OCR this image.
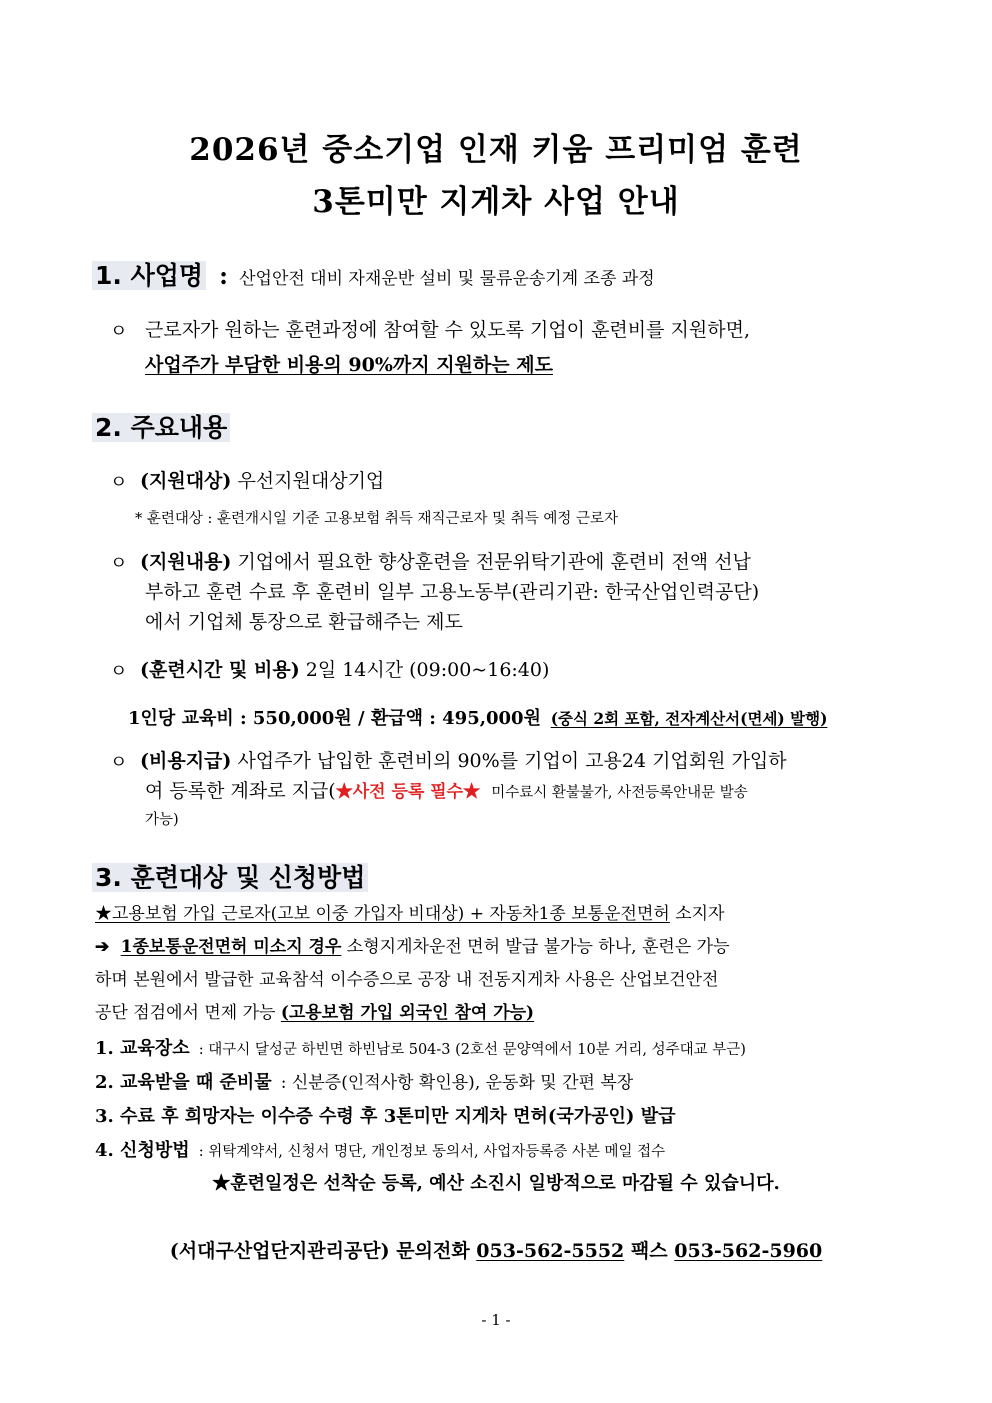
2026년 중소기업 인재 키움 프리미엄 훈련
3톤미만 지게차 사업 안내
1. 사업명 : 산업안전 대비 자재운반 설비 및 물류운송기계 조종 과정
ㅇ 근로자가 원하는 훈련과정에 참여할 수 있도록 기업이 훈련비를 지원하면,
사업주가 부담한 비용의 90%까지 지원하는 제도
2. 주요내용
ㅇ (지원대상) 우선지원대상기업
* 훈련대상 : 훈련개시일 기준 고용보험 취득 재직근로자 및 취득 예정 근로자
ㅇ (지원내용) 기업에서 필요한 향상훈련을 전문위탁기관에 훈련비 전액 선납
부하고 훈련 수료 후 훈련비 일부 고용노동부(관리기관: 한국산업인력공단)
에서 기업체 통장으로 환급해주는 제도
ㅇ (훈련시간 및 비용) 2일 14시간 (09:00~16:40)
1인당 교육비 : 550,000원 / 환급액 : 495,000원 (중식 2회 포함, 전자계산서(면세) 발행)
ㅇ (비용지급) 사업주가 납입한 훈련비의 90%를 기업이 고용24 기업회원 가입하
여 등록한 계좌로 지급(★사전 등록 필수★ 미수료시 환불불가, 사전등록안내문 발송
가능)
3. 훈련대상 및 신청방법
★고용보험 가입 근로자(고보 이중 가입자 비대상) + 자동차1종 보통운전면허 소지자
➔ 1종보통운전면허 미소지 경우 소형지게차운전 면허 발급 불가능 하나, 훈련은 가능
하며 본원에서 발급한 교육참석 이수증으로 공장 내 전동지게차 사용은 산업보건안전
공단 점검에서 면제 가능 (고용보험 가입 외국인 참여 가능)
1. 교육장소 : 대구시 달성군 하빈면 하빈남로 504-3 (2호선 문양역에서 10분 거리, 성주대교 부근)
2. 교육받을 때 준비물 : 신분증(인적사항 확인용), 운동화 및 간편 복장
3. 수료 후 희망자는 이수증 수령 후 3톤미만 지게차 면허(국가공인) 발급
4. 신청방법 : 위탁계약서, 신청서 명단, 개인정보 동의서, 사업자등록증 사본 메일 접수
★훈련일정은 선착순 등록, 예산 소진시 일방적으로 마감될 수 있습니다.
(서대구산업단지관리공단) 문의전화 053-562-5552 팩스 053-562-5960
- 1 -
